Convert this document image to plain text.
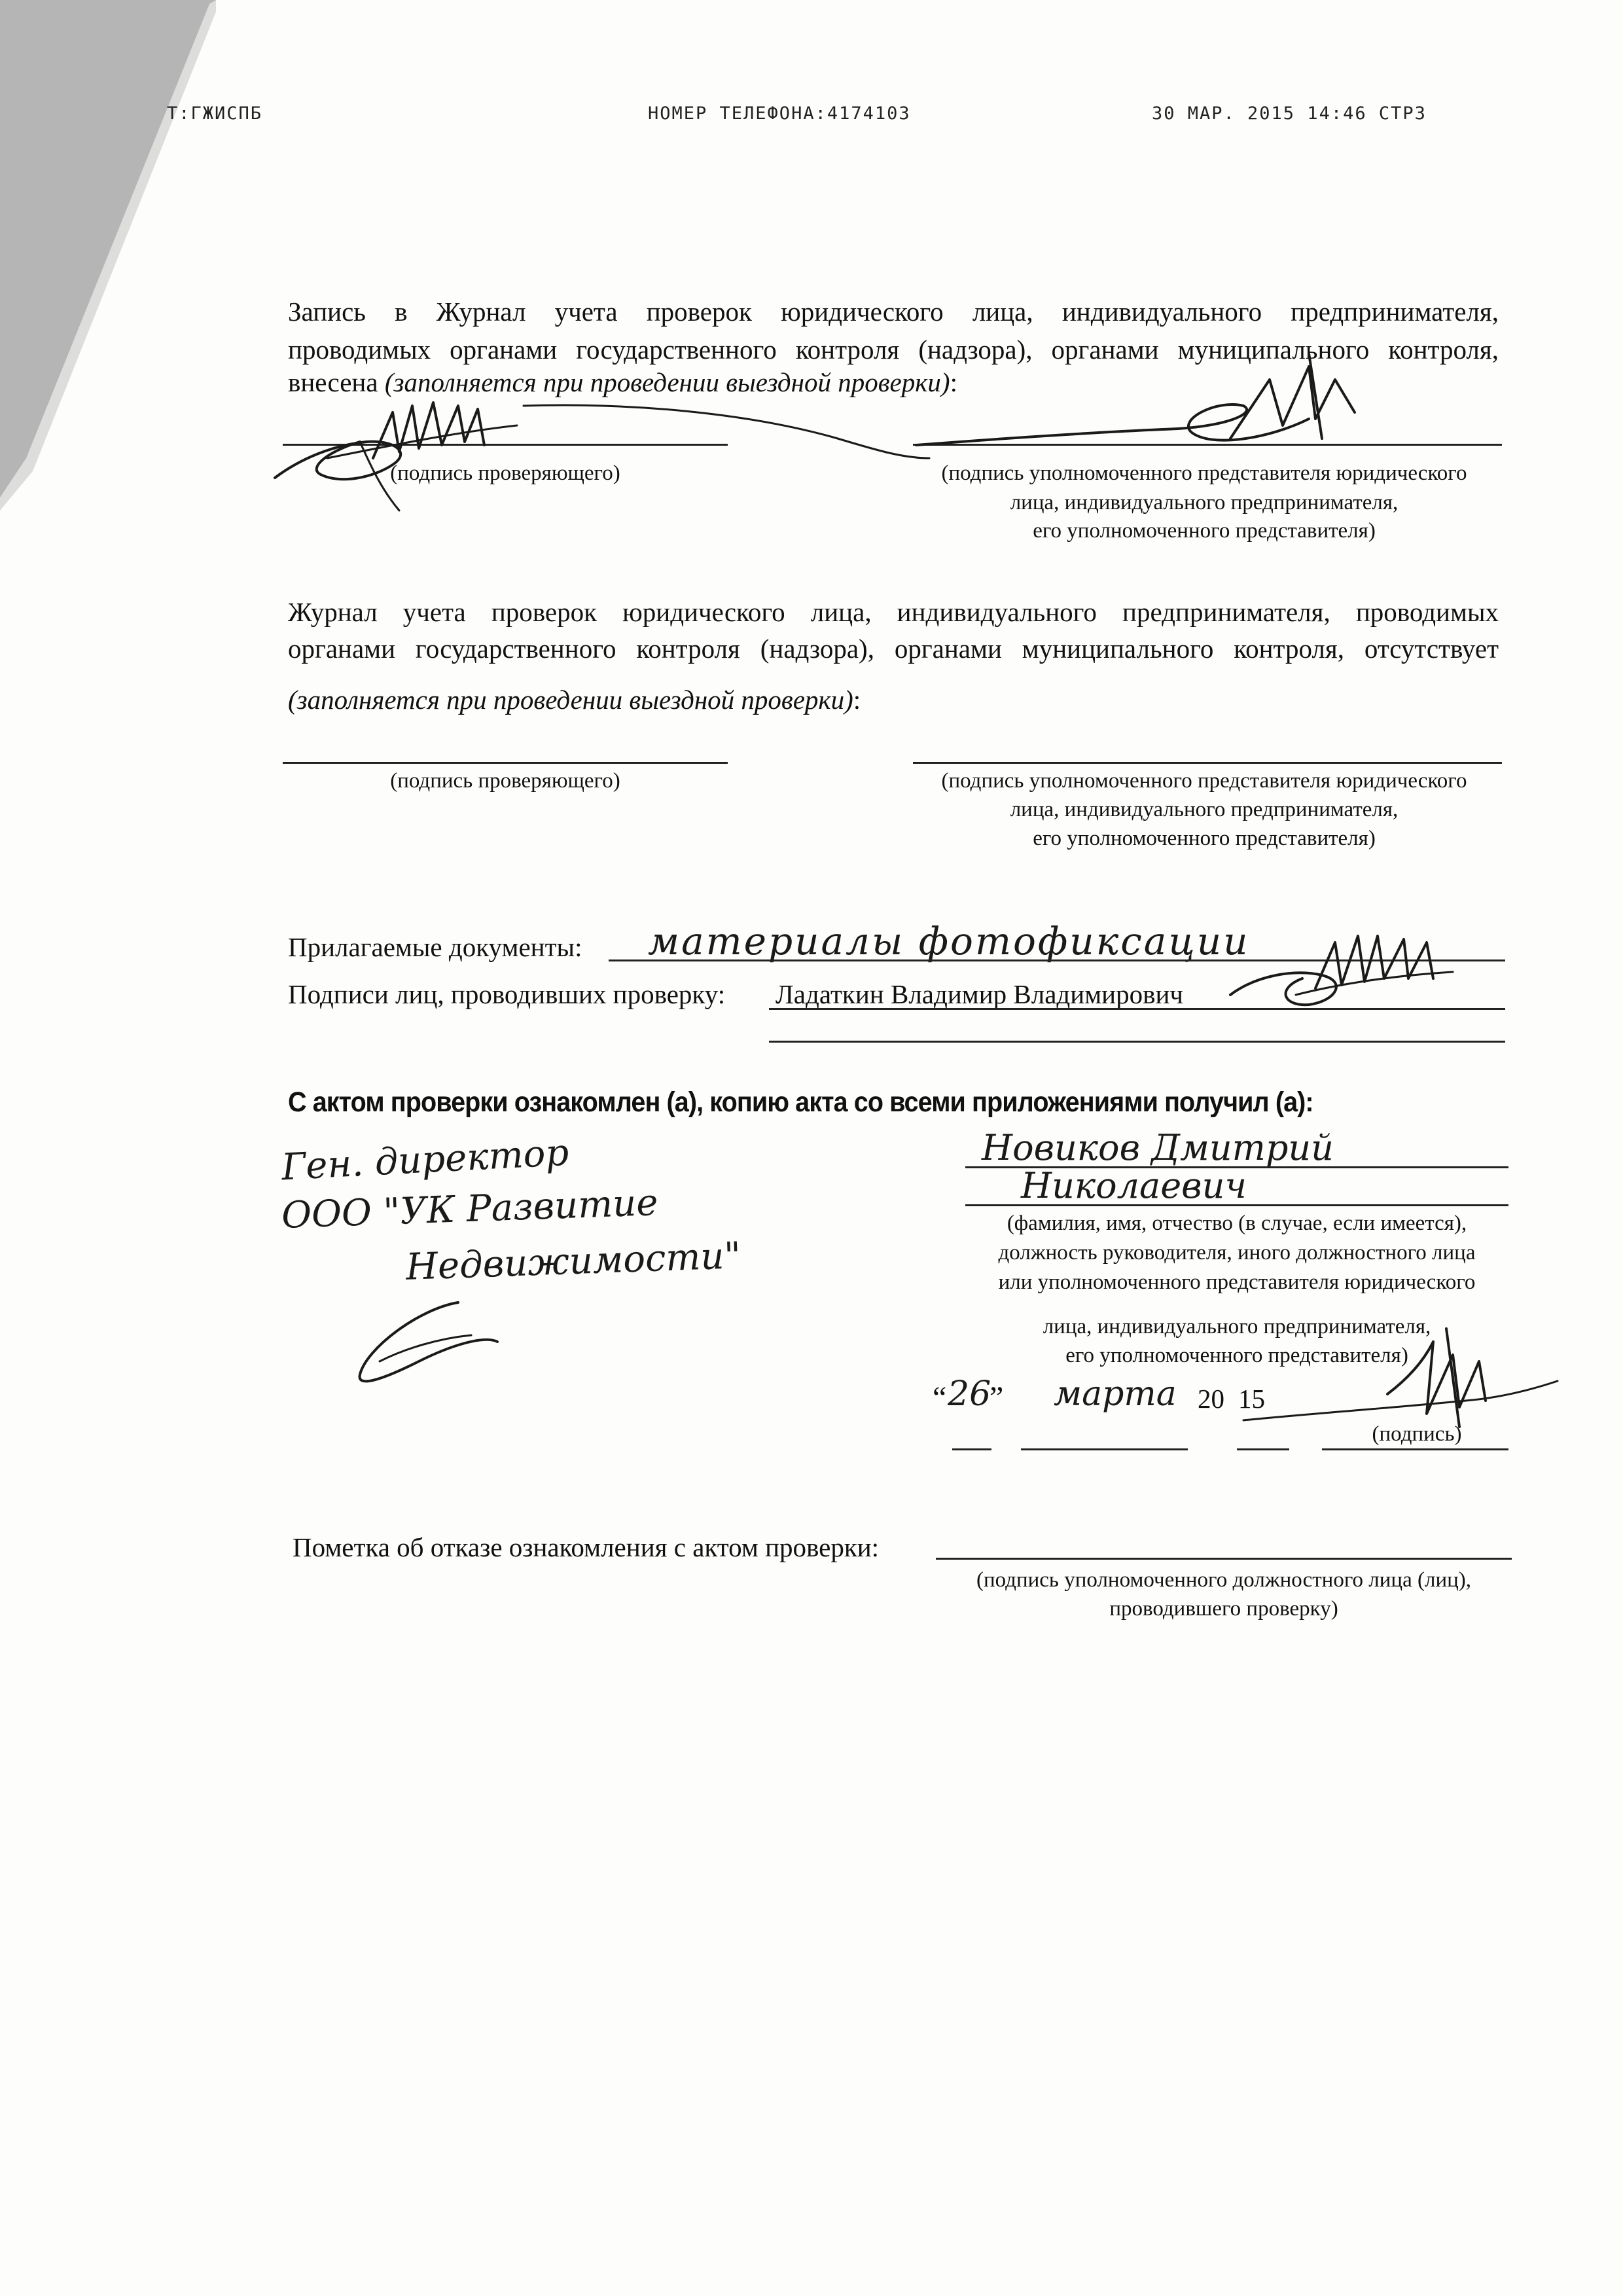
Т:ГЖИСПБ	НОМЕР ТЕЛЕФОНА:4174103	30 МАР. 2015 14:46 СТР3
Запись в Журнал учета проверок юридического лица, индивидуального предпринимателя,
проводимых органами государственного контроля (надзора), органами муниципального контроля,
внесена (заполняется при проведении выездной проверки):
(подпись проверяющего)	(подпись уполномоченного представителя юридического
лица, индивидуального предпринимателя,
его уполномоченного представителя)
Журнал учета проверок юридического лица, индивидуального предпринимателя, проводимых
органами государственного контроля (надзора), органами муниципального контроля, отсутствует
(заполняется при проведении выездной проверки):
(подпись проверяющего)	(подпись уполномоченного представителя юридического
лица, индивидуального предпринимателя,
его уполномоченного представителя)
Прилагаемые документы: материалы фотофиксации
Подписи лиц, проводивших проверку: Ладаткин Владимир Владимирович
С актом проверки ознакомлен (а), копию акта со всеми приложениями получил (а):
Ген. директор
ООО "УК Развитие
Недвижимости"
Новиков Дмитрий
Николаевич
(фамилия, имя, отчество (в случае, если имеется),
должность руководителя, иного должностного лица
или уполномоченного представителя юридического
лица, индивидуального предпринимателя,
его уполномоченного представителя)
“ 26
” марта 20 15
(подпись)
Пометка об отказе ознакомления с актом проверки:
(подпись уполномоченного должностного лица (лиц),
проводившего проверку)
